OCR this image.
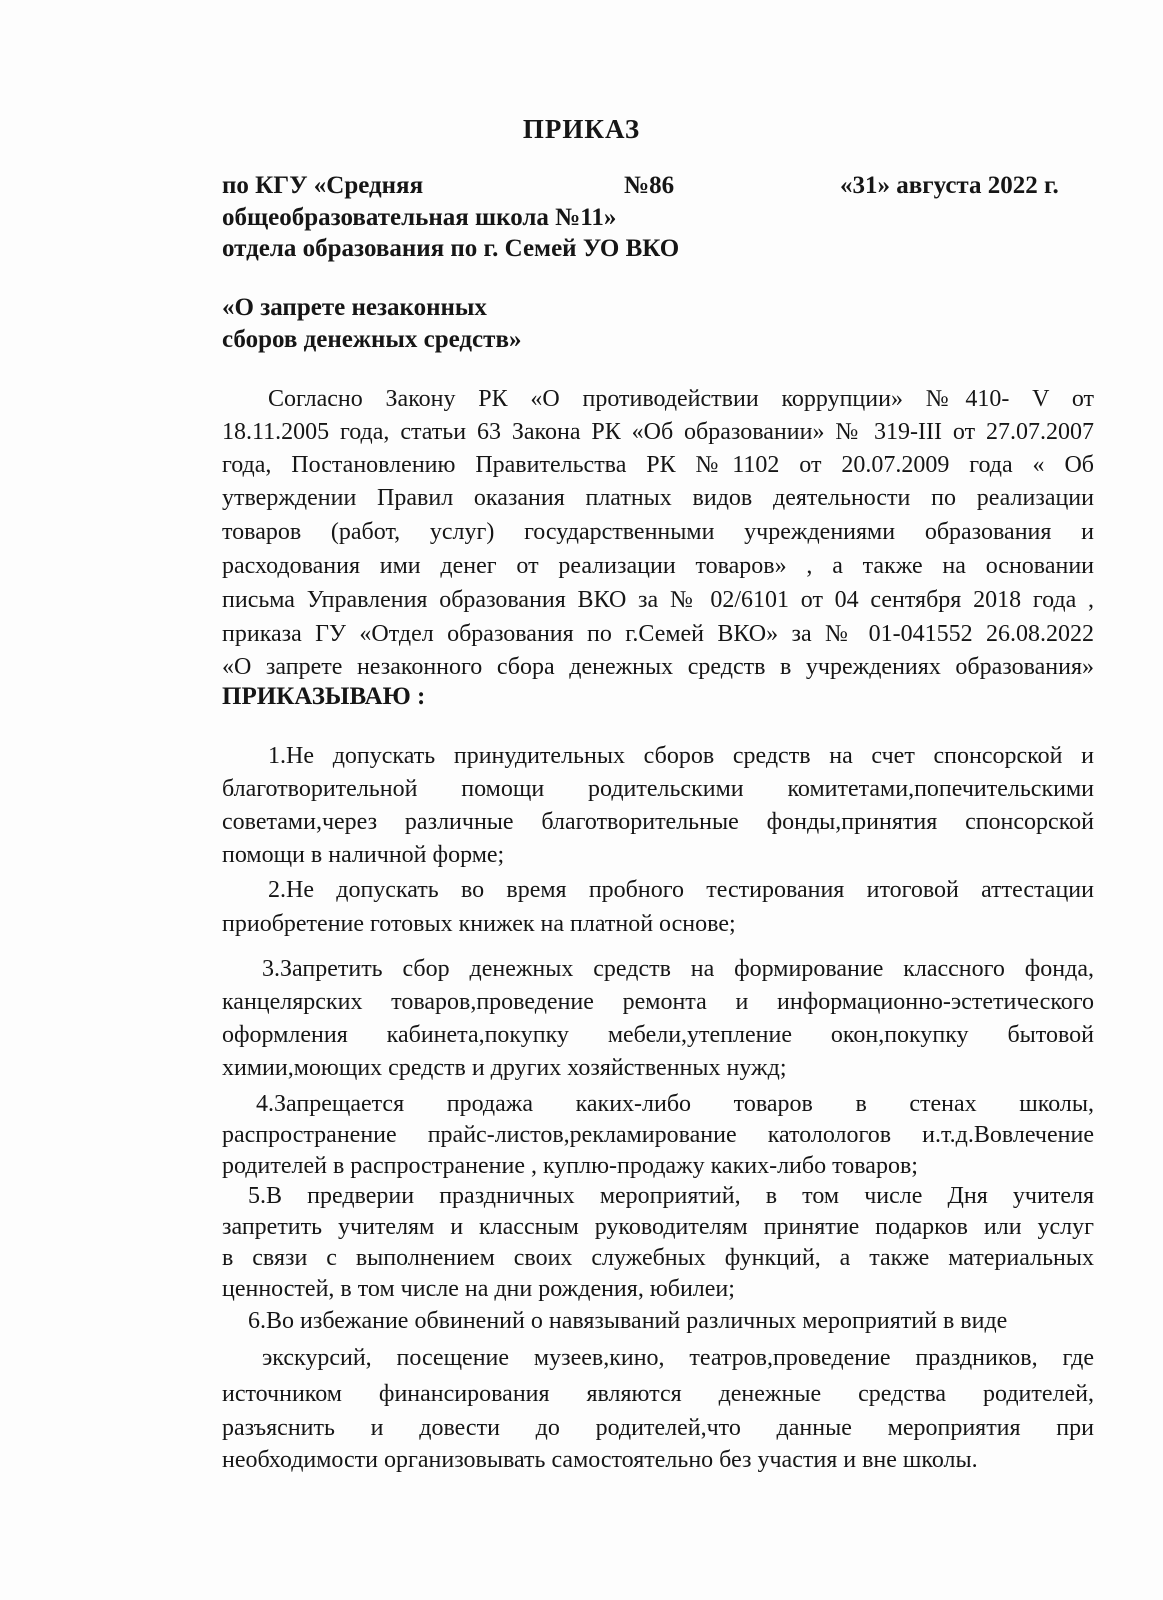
ПРИКАЗ
по КГУ «Средняя	№86	«31» августа 2022 г.
общеобразовательная школа №11»
отдела образования по г. Семей УО ВКО
«О запрете незаконных
сборов денежных средств»
Согласно Закону РК «О противодействии коррупции» №410- V от
18.11.2005 года, статьи 63 Закона РК «Об образовании» № 319-III от 27.07.2007
года, Постановлению Правительства РК №1102 от 20.07.2009 года « Об
утверждении Правил оказания платных видов деятельности по реализации
товаров (работ, услуг) государственными учреждениями образования и
расходования ими денег от реализации товаров» , а также на основании
письма Управления образования ВКО за № 02/6101 от 04 сентября 2018 года ,
приказа ГУ «Отдел образования по г.Семей ВКО» за № 01-041552 26.08.2022
«О запрете незаконного сбора денежных средств в учреждениях образования»
ПРИКАЗЫВАЮ :
1.Не допускать принудительных сборов средств на счет спонсорской и
благотворительной помощи родительскими комитетами,попечительскими
советами,через различные благотворительные фонды,принятия спонсорской
помощи в наличной форме;
2.Не допускать во время пробного тестирования итоговой аттестации
приобретение готовых книжек на платной основе;
3.Запретить сбор денежных средств на формирование классного фонда,
канцелярских товаров,проведение ремонта и информационно-эстетического
оформления кабинета,покупку мебели,утепление окон,покупку бытовой
химии,моющих средств и других хозяйственных нужд;
4.Запрещается продажа каких-либо товаров в стенах школы,
распространение прайс-листов,рекламирование католологов и.т.д.Вовлечение
родителей в распространение , куплю-продажу каких-либо товаров;
5.В предверии праздничных мероприятий, в том числе Дня учителя
запретить учителям и классным руководителям принятие подарков или услуг
в связи с выполнением своих служебных функций, а также материальных
ценностей, в том числе на дни рождения, юбилеи;
6.Во избежание обвинений о навязываний различных мероприятий в виде
экскурсий, посещение музеев,кино, театров,проведение праздников, где
источником финансирования являются денежные средства родителей,
разъяснить и довести до родителей,что данные мероприятия при
необходимости организовывать самостоятельно без участия и вне школы.
